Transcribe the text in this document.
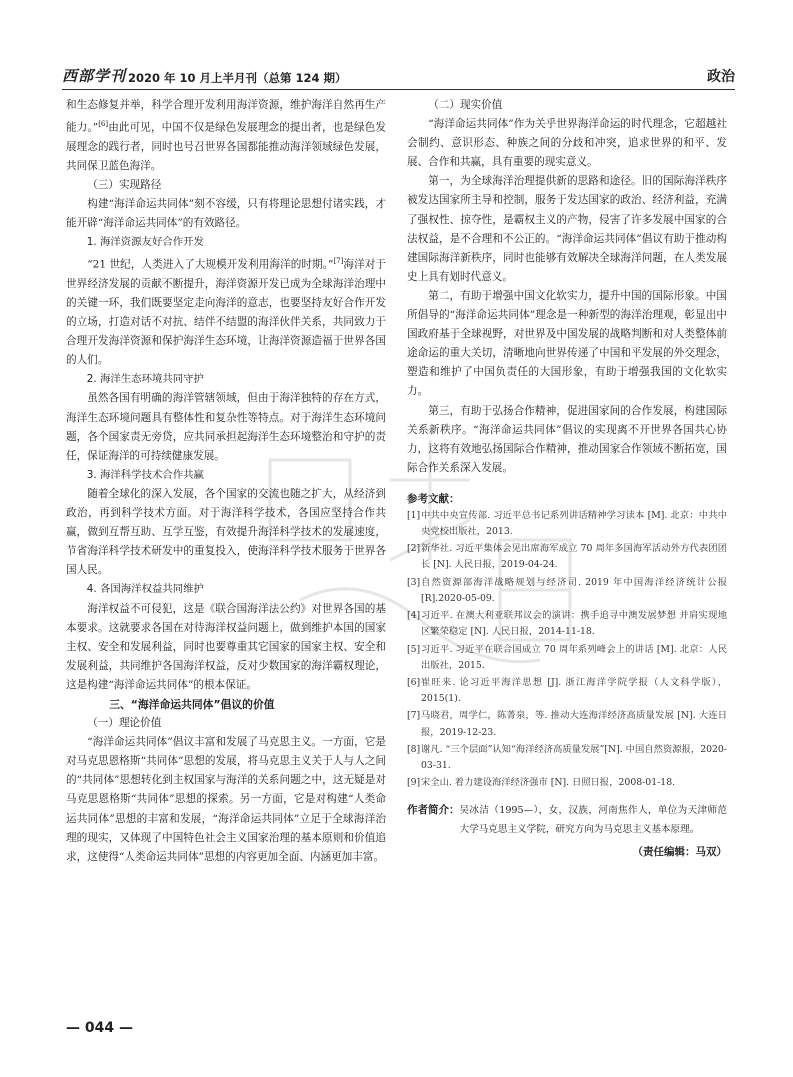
西部学刊 2020 年 10 月上半月刊（总第 124 期）	政治

和生态修复并举，科学合理开发利用海洋资源，维护海洋自然再生产能力。”[6]由此可见，中国不仅是绿色发展理念的提出者，也是绿色发展理念的践行者，同时也号召世界各国都能推动海洋领域绿色发展，共同保卫蓝色海洋。

（三）实现路径

构建“海洋命运共同体”刻不容缓，只有将理论思想付诸实践，才能开辟“海洋命运共同体”的有效路径。

1. 海洋资源友好合作开发

“21 世纪，人类进入了大规模开发利用海洋的时期。”[7]海洋对于世界经济发展的贡献不断提升，海洋资源开发已成为全球海洋治理中的关键一环，我们既要坚定走向海洋的意志，也要坚持友好合作开发的立场，打造对话不对抗、结伴不结盟的海洋伙伴关系，共同致力于合理开发海洋资源和保护海洋生态环境，让海洋资源造福于世界各国的人们。

2. 海洋生态环境共同守护

虽然各国有明确的海洋管辖领域，但由于海洋独特的存在方式，海洋生态环境问题具有整体性和复杂性等特点。对于海洋生态环境问题，各个国家责无旁贷，应共同承担起海洋生态环境整治和守护的责任，保证海洋的可持续健康发展。

3. 海洋科学技术合作共赢

随着全球化的深入发展，各个国家的交流也随之扩大，从经济到政治，再到科学技术方面。对于海洋科学技术，各国应坚持合作共赢，做到互帮互助、互学互鉴，有效提升海洋科学技术的发展速度，节省海洋科学技术研发中的重复投入，使海洋科学技术服务于世界各国人民。

4. 各国海洋权益共同维护

海洋权益不可侵犯，这是《联合国海洋法公约》对世界各国的基本要求。这就要求各国在对待海洋权益问题上，做到维护本国的国家主权、安全和发展利益，同时也要尊重其它国家的国家主权、安全和发展利益，共同维护各国海洋权益，反对少数国家的海洋霸权理论，这是构建“海洋命运共同体”的根本保证。

三、“海洋命运共同体”倡议的价值

（一）理论价值

“海洋命运共同体”倡议丰富和发展了马克思主义。一方面，它是对马克思恩格斯“共同体”思想的发展，将马克思主义关于人与人之间的“共同体”思想转化到主权国家与海洋的关系问题之中，这无疑是对马克思恩格斯“共同体”思想的探索。另一方面，它是对构建“人类命运共同体”思想的丰富和发展，“海洋命运共同体”立足于全球海洋治理的现实，又体现了中国特色社会主义国家治理的基本原则和价值追求，这使得“人类命运共同体”思想的内容更加全面、内涵更加丰富。

（二）现实价值

“海洋命运共同体”作为关乎世界海洋命运的时代理念，它超越社会制约、意识形态、种族之间的分歧和冲突，追求世界的和平、发展、合作和共赢，具有重要的现实意义。

第一，为全球海洋治理提供新的思路和途径。旧的国际海洋秩序被发达国家所主导和控制，服务于发达国家的政治、经济利益，充满了强权性、掠夺性，是霸权主义的产物，侵害了许多发展中国家的合法权益，是不合理和不公正的。“海洋命运共同体”倡议有助于推动构建国际海洋新秩序，同时也能够有效解决全球海洋问题，在人类发展史上具有划时代意义。

第二，有助于增强中国文化软实力，提升中国的国际形象。中国所倡导的“海洋命运共同体”理念是一种新型的海洋治理观，彰显出中国政府基于全球视野，对世界及中国发展的战略判断和对人类整体前途命运的重大关切，清晰地向世界传递了中国和平发展的外交理念，塑造和维护了中国负责任的大国形象，有助于增强我国的文化软实力。

第三，有助于弘扬合作精神，促进国家间的合作发展，构建国际关系新秩序。“海洋命运共同体”倡议的实现离不开世界各国共心协力，这将有效地弘扬国际合作精神，推动国家合作领域不断拓宽，国际合作关系深入发展。

参考文献：
[1] 中共中央宣传部. 习近平总书记系列讲话精神学习读本 [M]. 北京：中共中央党校出版社，2013.
[2] 新华社. 习近平集体会见出席海军成立 70 周年多国海军活动外方代表团团长 [N]. 人民日报，2019-04-24.
[3] 自然资源部海洋战略规划与经济司. 2019 年中国海洋经济统计公报 [R].2020-05-09.
[4] 习近平. 在澳大利亚联邦议会的演讲：携手追寻中澳发展梦想 并肩实现地区繁荣稳定 [N]. 人民日报，2014-11-18.
[5] 习近平. 习近平在联合国成立 70 周年系列峰会上的讲话 [M]. 北京：人民出版社，2015.
[6] 崔旺来. 论习近平海洋思想 [J]. 浙江海洋学院学报（人文科学版），2015(1).
[7] 马晓君，周学仁，陈菁泉，等. 推动大连海洋经济高质量发展 [N]. 大连日报，2019-12-23.
[8] 谢凡. “三个层面”认知“海洋经济高质量发展”[N]. 中国自然资源报，2020-03-31.
[9] 宋全山. 着力建设海洋经济强市 [N]. 日照日报，2008-01-18.
作者简介： 吴冰洁（1995—），女，汉族，河南焦作人，单位为天津师范大学马克思主义学院，研究方向为马克思主义基本原理。
（责任编辑：马双）
— 044 —
